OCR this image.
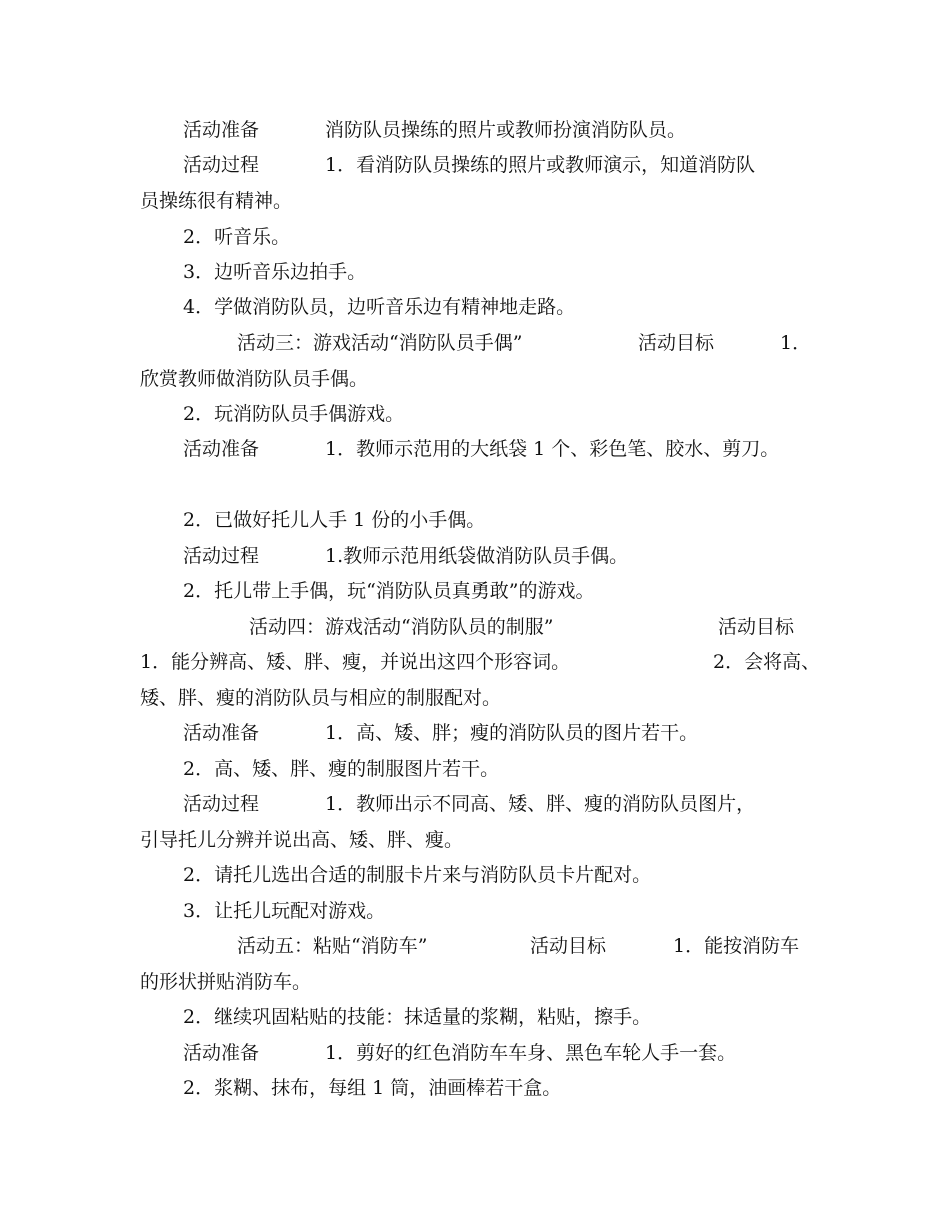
活动准备

	消防队员操练的照片或教师扮演消防队员。

活动过程

	1．看消防队员操练的照片或教师演示，知道消防队

员操练很有精神。

2．听音乐。

3．边听音乐边拍手。

4．学做消防队员，边听音乐边有精神地走路。

活动三：游戏活动“消防队员手偶”

	活动目标

	1．

欣赏教师做消防队员手偶。

2．玩消防队员手偶游戏。

活动准备

	1．教师示范用的大纸袋 1 个、彩色笔、胶水、剪刀。

2．已做好托儿人手 1 份的小手偶。

活动过程

	1.教师示范用纸袋做消防队员手偶。

2．托儿带上手偶，玩“消防队员真勇敢”的游戏。

活动四：游戏活动“消防队员的制服”

	活动目标

1．能分辨高、矮、胖、瘦，并说出这四个形容词。

	2．会将高、

矮、胖、瘦的消防队员与相应的制服配对。

活动准备

	1．高、矮、胖；瘦的消防队员的图片若干。

2．高、矮、胖、瘦的制服图片若干。

活动过程

	1．教师出示不同高、矮、胖、瘦的消防队员图片，

引导托儿分辨并说出高、矮、胖、瘦。

2．请托儿选出合适的制服卡片来与消防队员卡片配对。

3．让托儿玩配对游戏。

活动五：粘贴“消防车”

	活动目标

	1．能按消防车

的形状拼贴消防车。

2．继续巩固粘贴的技能：抹适量的浆糊，粘贴，擦手。

活动准备

	1．剪好的红色消防车车身、黑色车轮人手一套。

2．浆糊、抹布，每组 1 筒，油画棒若干盒。
